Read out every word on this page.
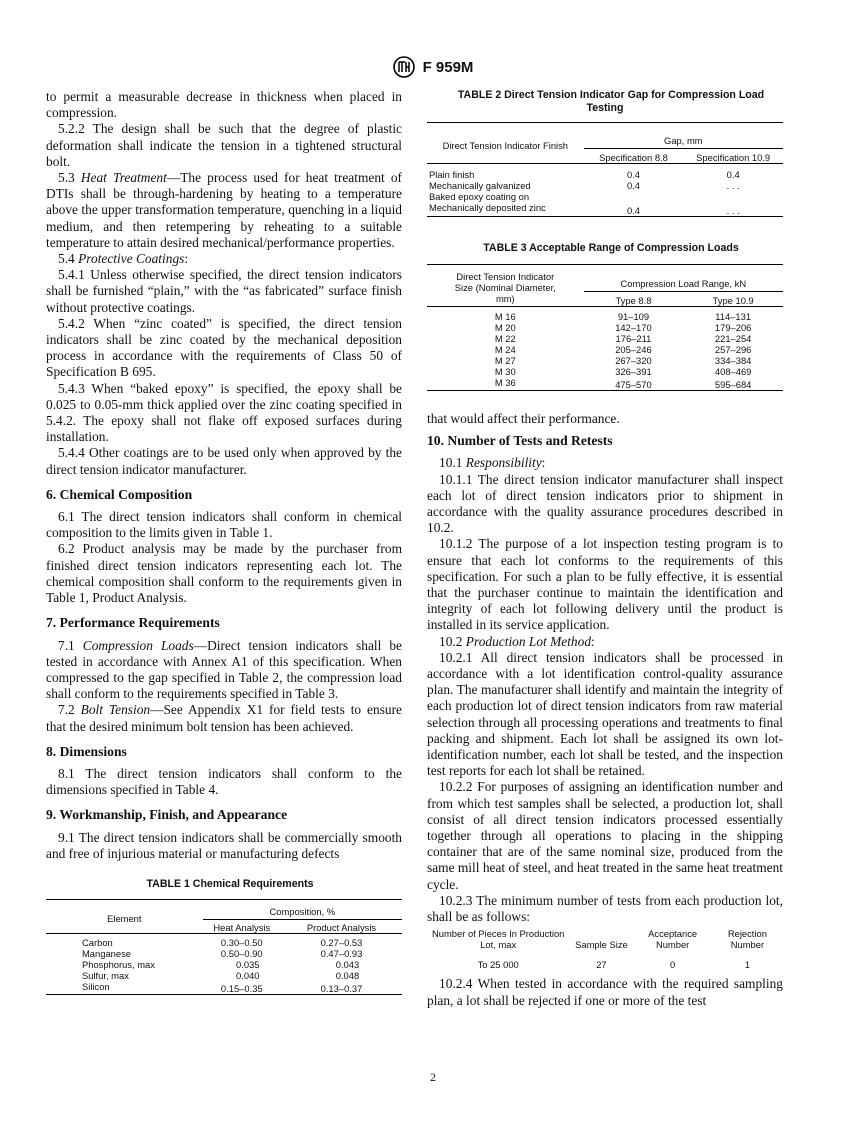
F 959M

to permit a measurable decrease in thickness when placed in compression.

5.2.2 The design shall be such that the degree of plastic deformation shall indicate the tension in a tightened structural bolt.

5.3 Heat Treatment—The process used for heat treatment of DTIs shall be through-hardening by heating to a temperature above the upper transformation temperature, quenching in a liquid medium, and then retempering by reheating to a suitable temperature to attain desired mechanical/performance properties.

5.4 Protective Coatings:

5.4.1 Unless otherwise specified, the direct tension indicators shall be furnished “plain,” with the “as fabricated” surface finish without protective coatings.

5.4.2 When “zinc coated” is specified, the direct tension indicators shall be zinc coated by the mechanical deposition process in accordance with the requirements of Class 50 of Specification B 695.

5.4.3 When “baked epoxy” is specified, the epoxy shall be 0.025 to 0.05-mm thick applied over the zinc coating specified in 5.4.2. The epoxy shall not flake off exposed surfaces during installation.

5.4.4 Other coatings are to be used only when approved by the direct tension indicator manufacturer.

6. Chemical Composition

6.1 The direct tension indicators shall conform in chemical composition to the limits given in Table 1.

6.2 Product analysis may be made by the purchaser from finished direct tension indicators representing each lot. The chemical composition shall conform to the requirements given in Table 1, Product Analysis.

7. Performance Requirements

7.1 Compression Loads—Direct tension indicators shall be tested in accordance with Annex A1 of this specification. When compressed to the gap specified in Table 2, the compression load shall conform to the requirements specified in Table 3.

7.2 Bolt Tension—See Appendix X1 for field tests to ensure that the desired minimum bolt tension has been achieved.

8. Dimensions

8.1 The direct tension indicators shall conform to the dimensions specified in Table 4.

9. Workmanship, Finish, and Appearance

9.1 The direct tension indicators shall be commercially smooth and free of injurious material or manufacturing defects

TABLE 1 Chemical Requirements

Element	Composition, %	
	Heat Analysis	Product Analysis
Carbon	0.30–0.50	0.27–0.53
Manganese	0.50–0.90	0.47–0.93
Phosphorus, max	0.035	0.043
Sulfur, max	0.040	0.048
Silicon	0.15–0.35	0.13–0.37

TABLE 2 Direct Tension Indicator Gap for Compression Load Testing

Direct Tension Indicator Finish	Gap, mm	
	Specification 8.8	Specification 10.9
Plain finish	0.4	0.4
Mechanically galvanized	0.4	. . .
Baked epoxy coating on		
Mechanically deposited zinc	0.4	. . .

TABLE 3 Acceptable Range of Compression Loads

Direct Tension Indicator Size (Nominal Diameter, mm)	Compression Load Range, kN	
	Type 8.8	Type 10.9
M 16	91–109	114–131
M 20	142–170	179–206
M 22	176–211	221–254
M 24	205–246	257–296
M 27	267–320	334–384
M 30	326–391	408–469
M 36	475–570	595–684

that would affect their performance.

10. Number of Tests and Retests

10.1 Responsibility:

10.1.1 The direct tension indicator manufacturer shall inspect each lot of direct tension indicators prior to shipment in accordance with the quality assurance procedures described in 10.2.

10.1.2 The purpose of a lot inspection testing program is to ensure that each lot conforms to the requirements of this specification. For such a plan to be fully effective, it is essential that the purchaser continue to maintain the identification and integrity of each lot following delivery until the product is installed in its service application.

10.2 Production Lot Method:

10.2.1 All direct tension indicators shall be processed in accordance with a lot identification control-quality assurance plan. The manufacturer shall identify and maintain the integrity of each production lot of direct tension indicators from raw material selection through all processing operations and treatments to final packing and shipment. Each lot shall be assigned its own lot-identification number, each lot shall be tested, and the inspection test reports for each lot shall be retained.

10.2.2 For purposes of assigning an identification number and from which test samples shall be selected, a production lot, shall consist of all direct tension indicators processed essentially together through all operations to placing in the shipping container that are of the same nominal size, produced from the same mill heat of steel, and heat treated in the same heat treatment cycle.

10.2.3 The minimum number of tests from each production lot, shall be as follows:

Number of Pieces In Production Lot, max	Sample Size	Acceptance Number	Rejection Number
To 25 000	27	0	1

10.2.4 When tested in accordance with the required sampling plan, a lot shall be rejected if one or more of the test

2
